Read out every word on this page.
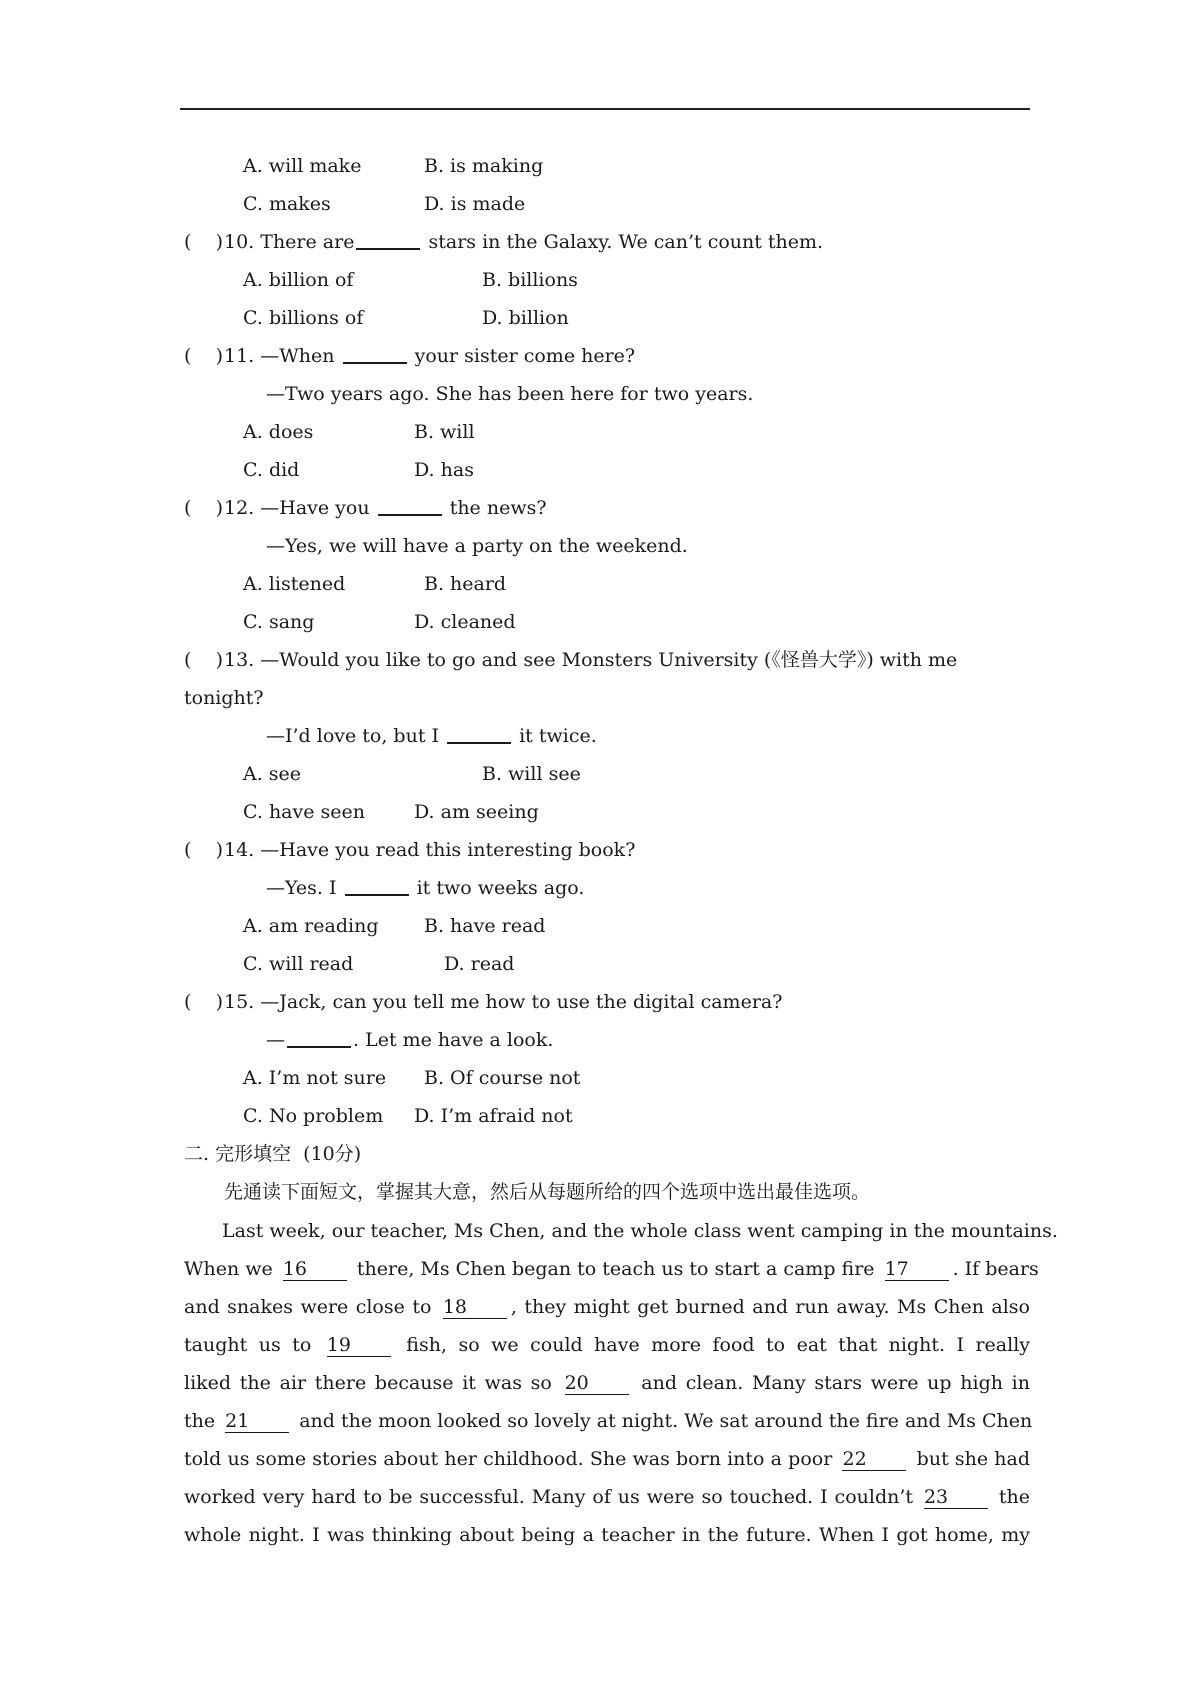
A. will make	B. is making
C. makes	D. is made
(    ) 10. There are	stars in the Galaxy. We can’t count them.
A. billion of	B. billions
C. billions of	D. billion
(    ) 11. —When	your sister come here?
—Two years ago. She has been here for two years.
A. does	B. will
C. did	D. has
(    ) 12. —Have you	the news?
—Yes, we will have a party on the weekend.
A. listened	B. heard
C. sang	D. cleaned
(    ) 13. —Would you like to go and see Monsters University (《怪兽大学》) with me
tonight?
—I’d love to, but I	it twice.
A. see	B. will see
C. have seen	D. am seeing
(    ) 14. —Have you read this interesting book?
—Yes. I	it two weeks ago.
A. am reading B. have read
C. will read	D. read
(    ) 15. —Jack, can you tell me how to use the digital camera?
—	. Let me have a look.
A. I’m not sure B. Of course not
C. No problem D. I’m afraid not
二. 完形填空  (10分)
先通读下面短文，掌握其大意，然后从每题所给的四个选项中选出最佳选项。
Last week, our teacher, Ms Chen, and the whole class went camping in the mountains.
When we 16	there, Ms Chen began to teach us to start a camp fire 17 . If bears
and snakes were close to 18 , they might get burned and run away. Ms Chen also
taught us to 19	fish, so we could have more food to eat that night. I really
liked the air there because it was so 20	and clean. Many stars were up high in
the 21	and the moon looked so lovely at night. We sat around the fire and Ms Chen
told us some stories about her childhood. She was born into a poor 22	but she had
worked very hard to be successful. Many of us were so touched. I couldn’t 23	the
whole night. I was thinking about being a teacher in the future. When I got home, my
